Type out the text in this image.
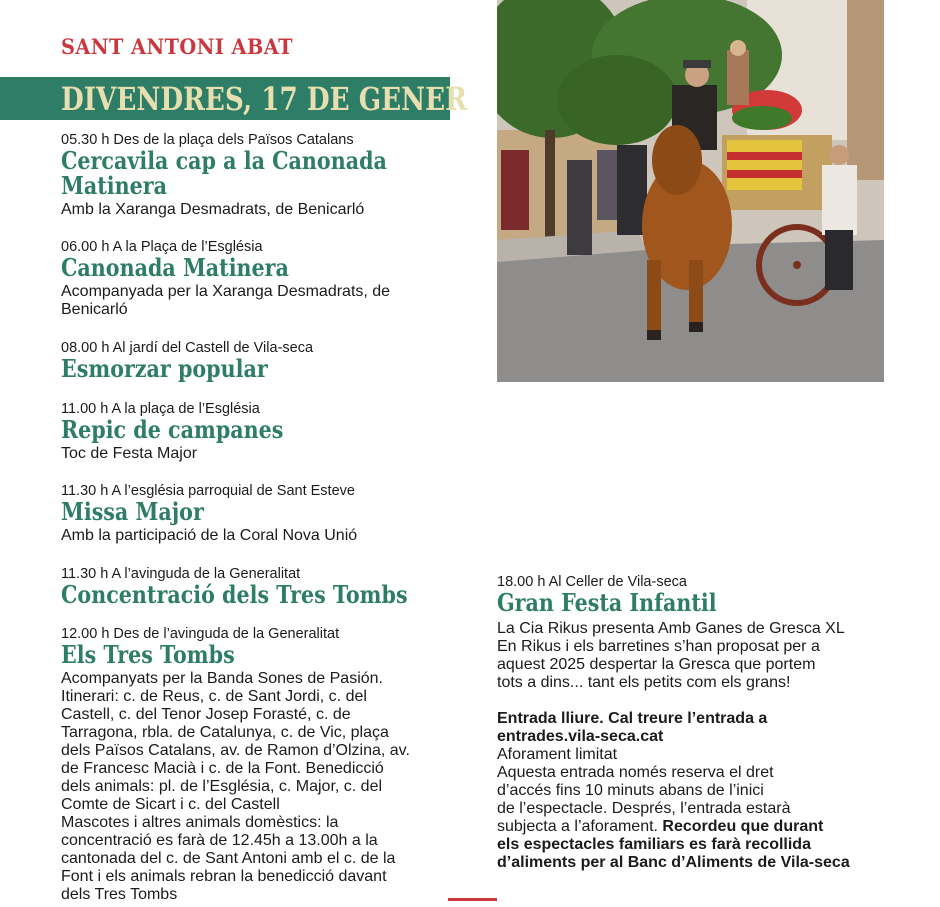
SANT ANTONI ABAT
DIVENDRES, 17 DE GENER

05.30 h Des de la plaça dels Països Catalans

Cercavila cap a la Canonada

Matinera

Amb la Xaranga Desmadrats, de Benicarló

06.00 h A la Plaça de l’Església

Canonada Matinera

Acompanyada per la Xaranga Desmadrats, de

Benicarló

08.00 h Al jardí del Castell de Vila-seca

Esmorzar popular

11.00 h A la plaça de l’Església

Repic de campanes

Toc de Festa Major

11.30 h A l’església parroquial de Sant Esteve

Missa Major

Amb la participació de la Coral Nova Unió

11.30 h A l’avinguda de la Generalitat

Concentració dels Tres Tombs

12.00 h Des de l’avinguda de la Generalitat

Els Tres Tombs

Acompanyats per la Banda Sones de Pasión.

Itinerari: c. de Reus, c. de Sant Jordi, c. del

Castell, c. del Tenor Josep Forasté, c. de

Tarragona, rbla. de Catalunya, c. de Vic, plaça

dels Països Catalans, av. de Ramon d’Olzina, av.

de Francesc Macià i c. de la Font. Benedicció

dels animals: pl. de l’Església, c. Major, c. del

Comte de Sicart i c. del Castell

Mascotes i altres animals domèstics: la

concentració es farà de 12.45h a 13.00h a la

cantonada del c. de Sant Antoni amb el c. de la

Font i els animals rebran la benedicció davant

dels Tres Tombs

18.00 h Al Celler de Vila-seca

Gran Festa Infantil

La Cia Rikus presenta Amb Ganes de Gresca XL

En Rikus i els barretines s’han proposat per a

aquest 2025 despertar la Gresca que portem

tots a dins... tant els petits com els grans!

Entrada lliure. Cal treure l’entrada a

entrades.vila-seca.cat

Aforament limitat

Aquesta entrada només reserva el dret

d’accés fins 10 minuts abans de l’inici

de l’espectacle. Després, l’entrada estarà

subjecta a l’aforament. Recordeu que durant

els espectacles familiars es farà recollida

d’aliments per al Banc d’Aliments de Vila-seca
